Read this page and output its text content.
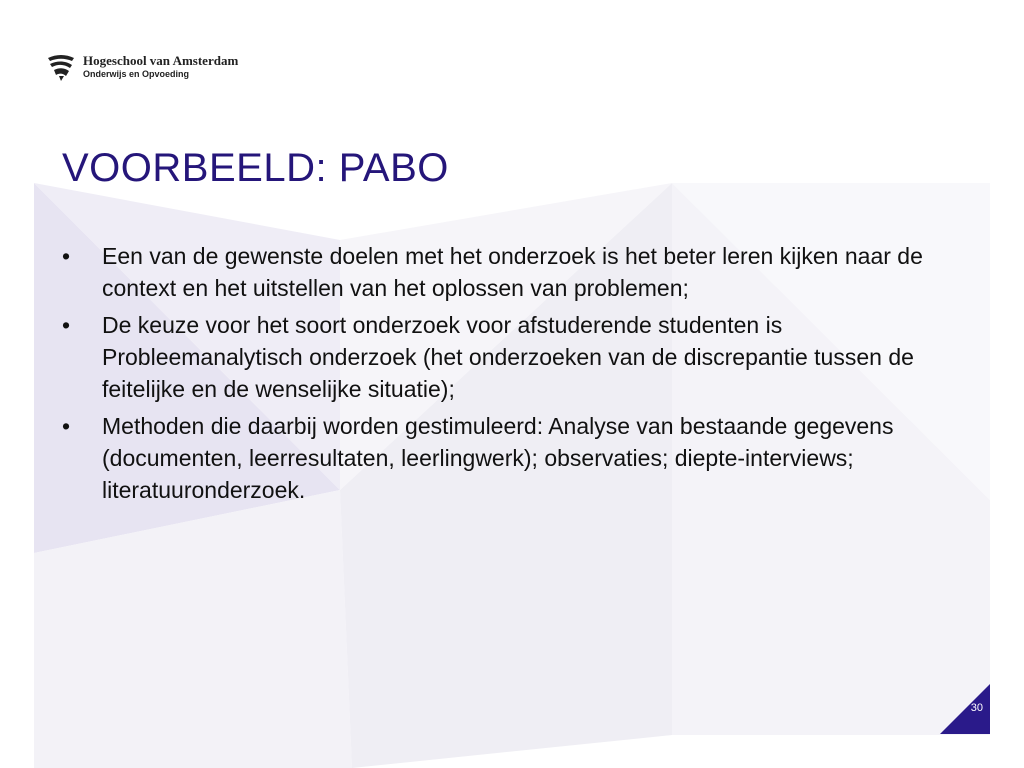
Hogeschool van Amsterdam
Onderwijs en Opvoeding
VOORBEELD: PABO
•	Een van de gewenste doelen met het onderzoek is het beter leren kijken naar de context en het uitstellen van het oplossen van problemen;
•	De keuze voor het soort onderzoek voor afstuderende studenten is Probleemanalytisch onderzoek (het onderzoeken van de discrepantie tussen de feitelijke en de wenselijke situatie);
•	Methoden die daarbij worden gestimuleerd: Analyse van bestaande gegevens (documenten, leerresultaten, leerlingwerk); observaties; diepte-interviews; literatuuronderzoek.
30
